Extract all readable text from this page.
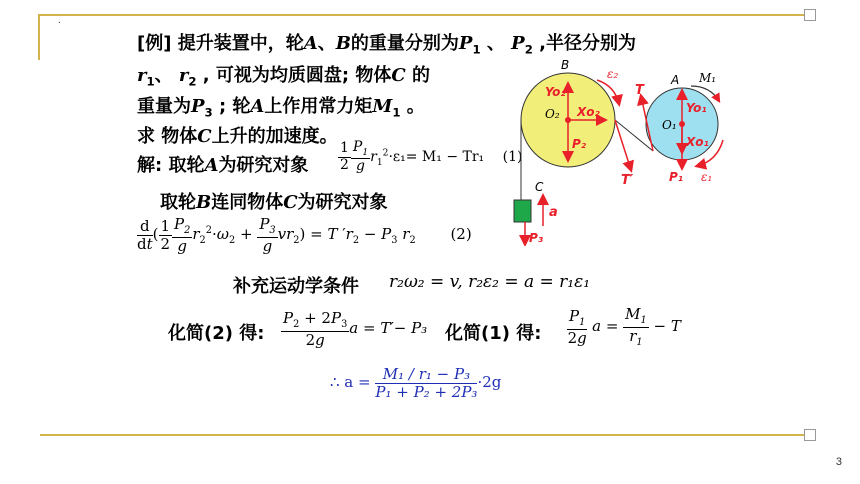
.
[例] 提升装置中，轮A、B的重量分别为$P_1$ 、 $P_2$ ,半径分别为
$r_1$、 $r_2$ , 可视为均质圆盘; 物体C 的
重量为$P_3$ ; 轮A上作用常力矩$M_1$ 。
求 物体C上升的加速度。
解: 取轮A为研究对象 $\frac{1}{2} \frac{P_1}{g} r_1^2\cdot\varepsilon_1= M_1 - Tr_1$ (1)
取轮B连同物体C为研究对象
$\frac{d}{dt}$ ( $\frac{1}{2} \frac{P_2}{g} r_2^2\cdot\omega_2 + \frac{P_3}{g} vr_2) = T$ $'r_2 - P_3$ $r_2$ (2)
补充运动学条件 r₂ω₂ = v, r₂ε₂ = a = r₁ε₁
化简(2) 得: $\frac{P_2 + 2P_3}{2g}$ a = T′− P₃ 化简(1) 得: $\frac{P_1}{2g}$ $a = \frac{M_1}{r_1} - T$
∴ $a = \frac{\text{M₁ / r₁ − P₃}}{\text{P₁ + P₂ + 2P₃}} \cdot 2g$
B
A
C
O₂
O₁
Yo₂
Xo₂
P₂
Yo₁
Xo₁
P₁
P₃
T
T′
M₁
ε₁
ε₂
a
3
